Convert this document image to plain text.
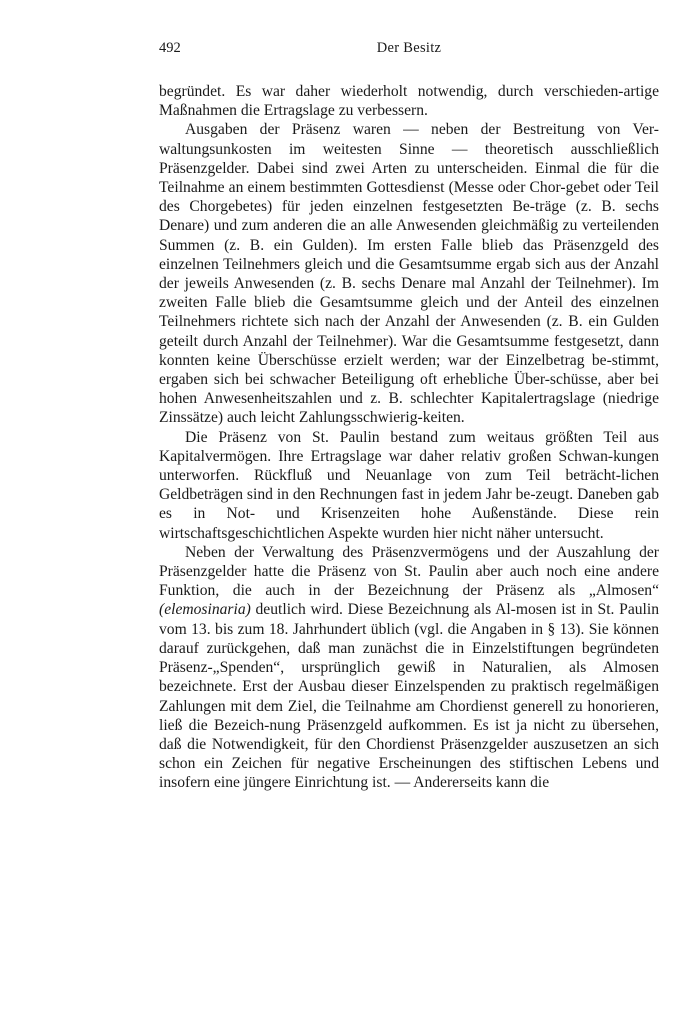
492	Der Besitz

begründet. Es war daher wiederholt notwendig, durch verschieden-artige Maßnahmen die Ertragslage zu verbessern.

Ausgaben der Präsenz waren — neben der Bestreitung von Ver-waltungsunkosten im weitesten Sinne — theoretisch ausschließlich Präsenzgelder. Dabei sind zwei Arten zu unterscheiden. Einmal die für die Teilnahme an einem bestimmten Gottesdienst (Messe oder Chor-gebet oder Teil des Chorgebetes) für jeden einzelnen festgesetzten Be-träge (z. B. sechs Denare) und zum anderen die an alle Anwesenden gleichmäßig zu verteilenden Summen (z. B. ein Gulden). Im ersten Falle blieb das Präsenzgeld des einzelnen Teilnehmers gleich und die Gesamtsumme ergab sich aus der Anzahl der jeweils Anwesenden (z. B. sechs Denare mal Anzahl der Teilnehmer). Im zweiten Falle blieb die Gesamtsumme gleich und der Anteil des einzelnen Teilnehmers richtete sich nach der Anzahl der Anwesenden (z. B. ein Gulden geteilt durch Anzahl der Teilnehmer). War die Gesamtsumme festgesetzt, dann konnten keine Überschüsse erzielt werden; war der Einzelbetrag be-stimmt, ergaben sich bei schwacher Beteiligung oft erhebliche Über-schüsse, aber bei hohen Anwesenheitszahlen und z. B. schlechter Kapitalertragslage (niedrige Zinssätze) auch leicht Zahlungsschwierig-keiten.

Die Präsenz von St. Paulin bestand zum weitaus größten Teil aus Kapitalvermögen. Ihre Ertragslage war daher relativ großen Schwan-kungen unterworfen. Rückfluß und Neuanlage von zum Teil beträcht-lichen Geldbeträgen sind in den Rechnungen fast in jedem Jahr be-zeugt. Daneben gab es in Not- und Krisenzeiten hohe Außenstände. Diese rein wirtschaftsgeschichtlichen Aspekte wurden hier nicht näher untersucht.

Neben der Verwaltung des Präsenzvermögens und der Auszahlung der Präsenzgelder hatte die Präsenz von St. Paulin aber auch noch eine andere Funktion, die auch in der Bezeichnung der Präsenz als „Almosen“ (elemosinaria) deutlich wird. Diese Bezeichnung als Al-mosen ist in St. Paulin vom 13. bis zum 18. Jahrhundert üblich (vgl. die Angaben in § 13). Sie können darauf zurückgehen, daß man zunächst die in Einzelstiftungen begründeten Präsenz-„Spenden“, ursprünglich gewiß in Naturalien, als Almosen bezeichnete. Erst der Ausbau dieser Einzelspenden zu praktisch regelmäßigen Zahlungen mit dem Ziel, die Teilnahme am Chordienst generell zu honorieren, ließ die Bezeich-nung Präsenzgeld aufkommen. Es ist ja nicht zu übersehen, daß die Notwendigkeit, für den Chordienst Präsenzgelder auszusetzen an sich schon ein Zeichen für negative Erscheinungen des stiftischen Lebens und insofern eine jüngere Einrichtung ist. — Andererseits kann die
